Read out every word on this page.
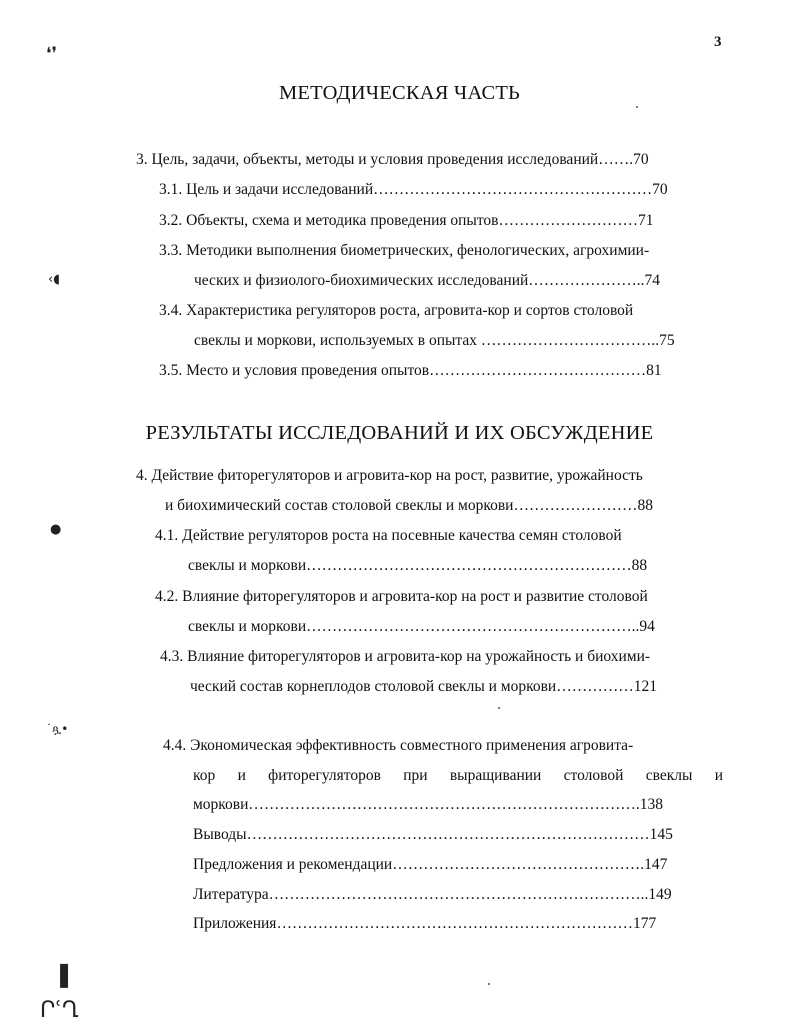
❛❜
‹◖
●
˙ጿ•
❚
ՐՙՂ
3
МЕТОДИЧЕСКАЯ ЧАСТЬ
3. Цель, задачи, объекты, методы и условия проведения исследований…….70
3.1. Цель и задачи исследований………………………………………………70
3.2. Объекты, схема и методика проведения опытов………………………71
3.3. Методики выполнения биометрических, фенологических, агрохимии-
ческих и физиолого-биохимических исследований…………………..74
3.4. Характеристика регуляторов роста, агровита-кор и сортов столовой
свеклы и моркови, используемых в опытах ……………………………..75
3.5. Место и условия проведения опытов……………………………………81
РЕЗУЛЬТАТЫ ИССЛЕДОВАНИЙ И ИХ ОБСУЖДЕНИЕ
4. Действие фиторегуляторов и агровита-кор на рост, развитие, урожайность
и биохимический состав столовой свеклы и моркови……………………88
4.1. Действие регуляторов роста на посевные качества семян столовой
свеклы и моркови………………………………………………………88
4.2. Влияние фиторегуляторов и агровита-кор на рост и развитие столовой
свеклы и моркови………………………………………………………..94
4.3. Влияние фиторегуляторов и агровита-кор на урожайность и биохими-
ческий состав корнеплодов столовой свеклы и моркови……………121
4.4. Экономическая эффективность совместного применения агровита-
кор и фиторегуляторов при выращивании столовой свеклы и
моркови………………………………………………………………….138
Выводы……………………………………………………………………145
Предложения и рекомендации………………………………………….147
Литература………………………………………………………………..149
Приложения……………………………………………………………177
